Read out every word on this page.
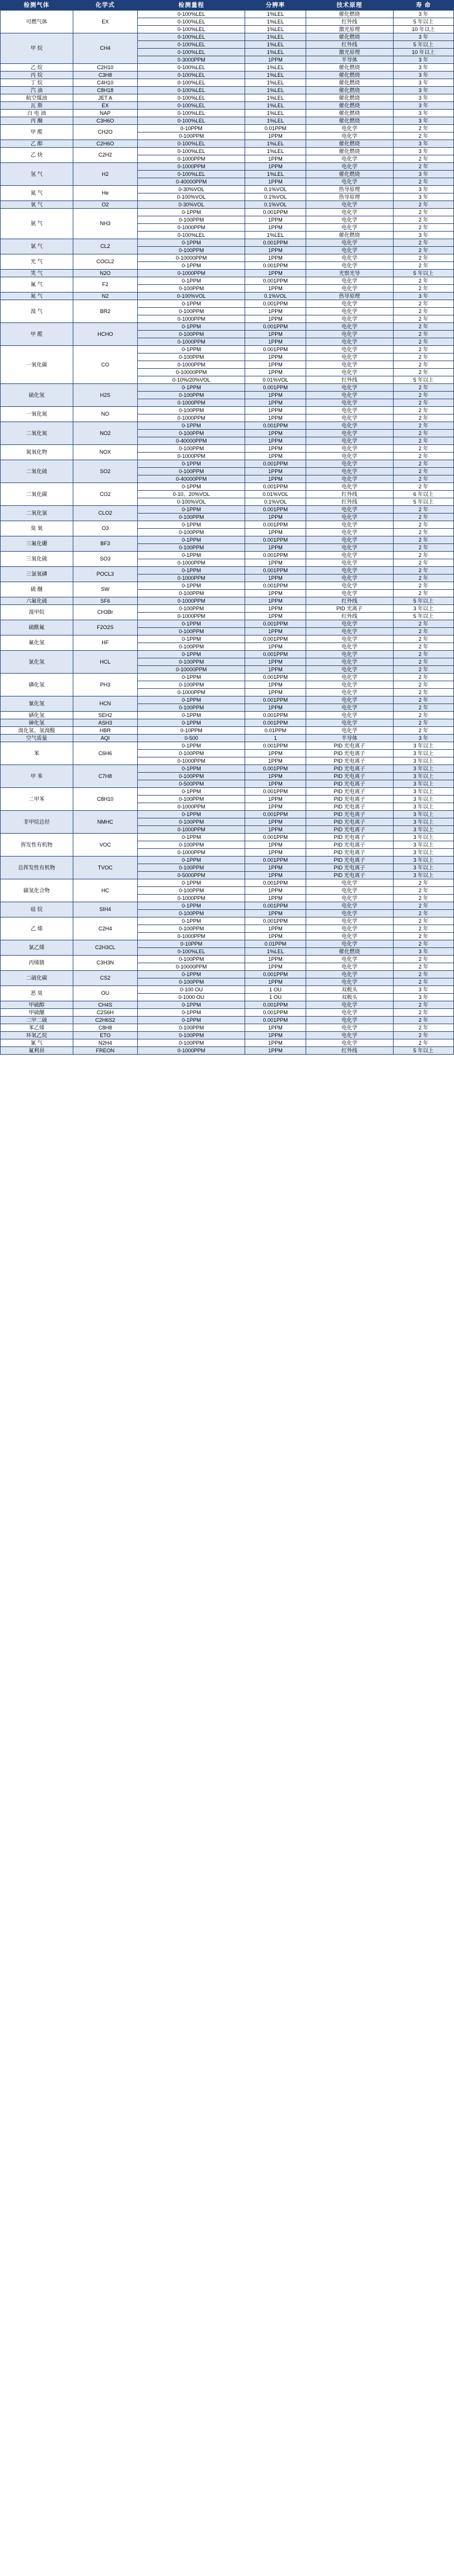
检测气体	化学式	检测量程	分辨率	技术原理	寿 命
可燃气体	EX	0-100%LEL	1%LEL	催化燃烧	3 年
		0-100%LEL	1%LEL	红外线	5 年以上
		0-100%LEL	1%LEL	激光原理	10 年以上
甲 烷	CH4	0-100%LEL	1%LEL	催化燃烧	3 年
		0-100%LEL	1%LEL	红外线	5 年以上
		0-100%LEL	1%LEL	激光原理	10 年以上
		0-3000PPM	1PPM	半导体	3 年
乙 烷	C2H10	0-100%LEL	1%LEL	催化燃烧	3 年
丙 烷	C3H8	0-100%LEL	1%LEL	催化燃烧	3 年
丁 烷	C4H10	0-100%LEL	1%LEL	催化燃烧	3 年
汽 油	C8H18	0-100%LEL	1%LEL	催化燃烧	3 年
航空煤油	JET A	0-100%LEL	1%LEL	催化燃烧	3 年
瓦 斯	EX	0-100%LEL	1%LEL	催化燃烧	3 年
白 电 油	NAP	0-100%LEL	1%LEL	催化燃烧	3 年
丙 酮	C3H6O	0-100%LEL	1%LEL	催化燃烧	3 年
甲 醛	CH2O	0-10PPM	0.01PPM	电化学	2 年
		0-100PPM	1PPM	电化学	2 年
乙 醇	C2H6O	0-100%LEL	1%LEL	催化燃烧	3 年
乙 炔	C2H2	0-100%LEL	1%LEL	催化燃烧	3 年
		0-1000PPM	1PPM	电化学	2 年
氢 气	H2	0-1000PPM	1PPM	电化学	2 年
		0-100%LEL	1%LEL	催化燃烧	3 年
		0-40000PPM	1PPM	电化学	2 年
氦 气	He	0-30%VOL	0.1%VOL	热导原理	3 年
		0-100%VOL	0.1%VOL	热导原理	3 年
氧 气	O2	0-30%VOL	0.1%VOL	电化学	2 年
氨 气	NH3	0-1PPM	0.001PPM	电化学	2 年
		0-100PPM	1PPM	电化学	2 年
		0-1000PPM	1PPM	电化学	2 年
		0-100%LEL	1%LEL	催化燃烧	3 年
氯 气	CL2	0-1PPM	0.001PPM	电化学	2 年
		0-100PPM	1PPM	电化学	2 年
光 气	COCL2	0-10000PPM	1PPM	电化学	2 年
		0-1PPM	0.001PPM	电化学	2 年
笑 气	N2O	0-1000PPM	1PPM	光察光导	5 年以上
氟 气	F2	0-1PPM	0.001PPM	电化学	2 年
		0-100PPM	1PPM	电化学	2 年
氮 气	N2	0-100%VOL	0.1%VOL	热导原理	3 年
溴 气	BR2	0-1PPM	0.001PPM	电化学	2 年
		0-100PPM	1PPM	电化学	2 年
		0-1000PPM	1PPM	电化学	2 年
甲 醛	HCHO	0-1PPM	0.001PPM	电化学	2 年
		0-100PPM	1PPM	电化学	2 年
		0-1000PPM	1PPM	电化学	2 年
一氧化碳	CO	0-1PPM	0.001PPM	电化学	2 年
		0-100PPM	1PPM	电化学	2 年
		0-1000PPM	1PPM	电化学	2 年
		0-10000PPM	1PPM	电化学	2 年
		0-10%/20%VOL	0.01%VOL	红外线	5 年以上
硫化氢	H2S	0-1PPM	0.001PPM	电化学	2 年
		0-100PPM	1PPM	电化学	2 年
		0-1000PPM	1PPM	电化学	2 年
一氧化氮	NO	0-100PPM	1PPM	电化学	2 年
		0-1000PPM	1PPM	电化学	2 年
二氧化氮	NO2	0-1PPM	0.001PPM	电化学	2 年
		0-100PPM	1PPM	电化学	2 年
		0-40000PPM	1PPM	电化学	2 年
氮氧化物	NOX	0-100PPM	1PPM	电化学	2 年
		0-1000PPM	1PPM	电化学	2 年
二氧化硫	SO2	0-1PPM	0.001PPM	电化学	2 年
		0-100PPM	1PPM	电化学	2 年
		0-40000PPM	1PPM	电化学	2 年
二氧化碳	CO2	0-1PPM	0.001PPM	电化学	2 年
		0-10、20%VOL	0.01%VOL	红外线	6 年以上
		0-100%VOL	0.1%VOL	红外线	5 年以上
二氧化氯	CLO2	0-1PPM	0.001PPM	电化学	2 年
		0-100PPM	1PPM	电化学	2 年
臭 氧	O3	0-1PPM	0.001PPM	电化学	2 年
		0-100PPM	1PPM	电化学	2 年
三氟化硼	BF3	0-1PPM	0.001PPM	电化学	2 年
		0-100PPM	1PPM	电化学	2 年
三氧化硫	SO3	0-1PPM	0.001PPM	电化学	2 年
		0-1000PPM	1PPM	电化学	2 年
三氯氧磷	POCL3	0-1PPM	0.001PPM	电化学	2 年
		0-1000PPM	1PPM	电化学	2 年
硫 醚	SW	0-1PPM	0.001PPM	电化学	2 年
		0-100PPM	1PPM	电化学	2 年
六氟化硫	SF6	0-1000PPM	1PPM	红外线	5 年以上
溴甲烷	CH3Br	0-100PPM	1PPM	PID 光离子	3 年以上
		0-1000PPM	1PPM	红外线	5 年以上
硫酰氟	F2O2S	0-1PPM	0.001PPM	电化学	2 年
		0-100PPM	1PPM	电化学	2 年
氟化氢	HF	0-1PPM	0.001PPM	电化学	2 年
		0-100PPM	1PPM	电化学	2 年
氯化氢	HCL	0-1PPM	0.001PPM	电化学	2 年
		0-100PPM	1PPM	电化学	2 年
		0-10000PPM	1PPM	电化学	2 年
磷化氢	PH3	0-1PPM	0.001PPM	电化学	2 年
		0-100PPM	1PPM	电化学	2 年
		0-1000PPM	1PPM	电化学	2 年
氰化氢	HCN	0-1PPM	0.001PPM	电化学	2 年
		0-100PPM	1PPM	电化学	2 年
硒化氢	SEH2	0-1PPM	0.001PPM	电化学	2 年
砷化氢	ASH3	0-1PPM	0.001PPM	电化学	2 年
溴化氢、氢溴酸	HBR	0-10PPM	0.01PPM	电化学	2 年
空气质量	AQI	0-500	1	半导体	3 年
苯	C6H6	0-1PPM	0.001PPM	PID 光电离子	3 年以上
		0-100PPM	1PPM	PID 光电离子	3 年以上
		0-1000PPM	1PPM	PID 光电离子	3 年以上
甲 苯	C7H8	0-1PPM	0.001PPM	PID 光电离子	3 年以上
		0-100PPM	1PPM	PID 光电离子	3 年以上
		0-500PPM	1PPM	PID 光电离子	3 年以上
二甲苯	C8H10	0-1PPM	0.001PPM	PID 光电离子	3 年以上
		0-100PPM	1PPM	PID 光电离子	3 年以上
		0-1000PPM	1PPM	PID 光电离子	3 年以上
非甲烷总烃	NMHC	0-1PPM	0.001PPM	PID 光电离子	3 年以上
		0-100PPM	1PPM	PID 光电离子	3 年以上
		0-1000PPM	1PPM	PID 光电离子	3 年以上
挥发性有机物	VOC	0-1PPM	0.001PPM	PID 光电离子	3 年以上
		0-100PPM	1PPM	PID 光电离子	3 年以上
		0-1000PPM	1PPM	PID 光电离子	3 年以上
总挥发性有机物	TVOC	0-1PPM	0.001PPM	PID 光电离子	3 年以上
		0-100PPM	1PPM	PID 光电离子	3 年以上
		0-5000PPM	1PPM	PID 光电离子	3 年以上
碳氢化合物	HC	0-1PPM	0.001PPM	电化学	2 年
		0-100PPM	1PPM	电化学	2 年
		0-1000PPM	1PPM	电化学	2 年
硅 烷	SIH4	0-1PPM	0.001PPM	电化学	2 年
		0-100PPM	1PPM	电化学	2 年
乙 烯	C2H4	0-1PPM	0.001PPM	电化学	2 年
		0-100PPM	1PPM	电化学	2 年
		0-1000PPM	1PPM	电化学	2 年
氯乙烯	C2H3CL	0-10PPM	0.01PPM	电化学	2 年
		0-100%LEL	1%LEL	催化燃烧	3 年
丙烯腈	C3H3N	0-100PPM	1PPM	电化学	2 年
		0-10000PPM	1PPM	电化学	2 年
二硫化碳	CS2	0-1PPM	0.001PPM	电化学	2 年
		0-100PPM	1PPM	电化学	2 年
恶 臭	OU	0-100 OU	1 OU	双极头	3 年
		0-1000 OU	1 OU	双极头	3 年
甲硫醇	CH4S	0-1PPM	0.001PPM	电化学	2 年
甲硫醚	C2S6H	0-1PPM	0.001PPM	电化学	2 年
二甲二硫	C2H6S2	0-1PPM	0.001PPM	电化学	2 年
苯乙烯	C8H8	0-100PPM	1PPM	电化学	2 年
环氧乙烷	ETO	0-100PPM	1PPM	电化学	2 年
氰 气	N2H4	0-100PPM	1PPM	电化学	2 年
氟利昂	FREON	0-1000PPM	1PPM	红外线	5 年以上
